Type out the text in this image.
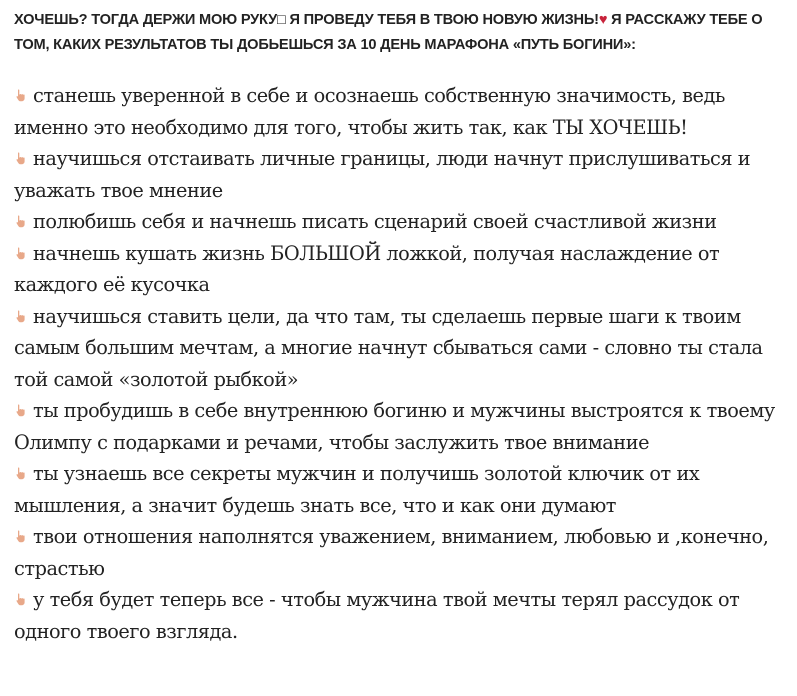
ХОЧЕШЬ? ТОГДА ДЕРЖИ МОЮ РУКУ□ Я ПРОВЕДУ ТЕБЯ В ТВОЮ НОВУЮ ЖИЗНЬ!♥ Я РАССКАЖУ ТЕБЕ О ТОМ, КАКИХ РЕЗУЛЬТАТОВ ТЫ ДОБЬЕШЬСЯ ЗА 10 ДЕНЬ МАРАФОНА «ПУТЬ БОГИНИ»:

станешь уверенной в себе и осознаешь собственную значимость, ведь именно это необходимо для того, чтобы жить так, как ТЫ ХОЧЕШЬ!
научишься отстаивать личные границы, люди начнут прислушиваться и уважать твое мнение
полюбишь себя и начнешь писать сценарий своей счастливой жизни
начнешь кушать жизнь БОЛЬШОЙ ложкой, получая наслаждение от каждого её кусочка
научишься ставить цели, да что там, ты сделаешь первые шаги к твоим самым большим мечтам, а многие начнут сбываться сами - словно ты стала той самой «золотой рыбкой»
ты пробудишь в себе внутреннюю богиню и мужчины выстроятся к твоему Олимпу с подарками и речами, чтобы заслужить твое внимание
ты узнаешь все секреты мужчин и получишь золотой ключик от их мышления, а значит будешь знать все, что и как они думают
твои отношения наполнятся уважением, вниманием, любовью и ,конечно, страстью
у тебя будет теперь все - чтобы мужчина твой мечты терял рассудок от одного твоего взгляда.
